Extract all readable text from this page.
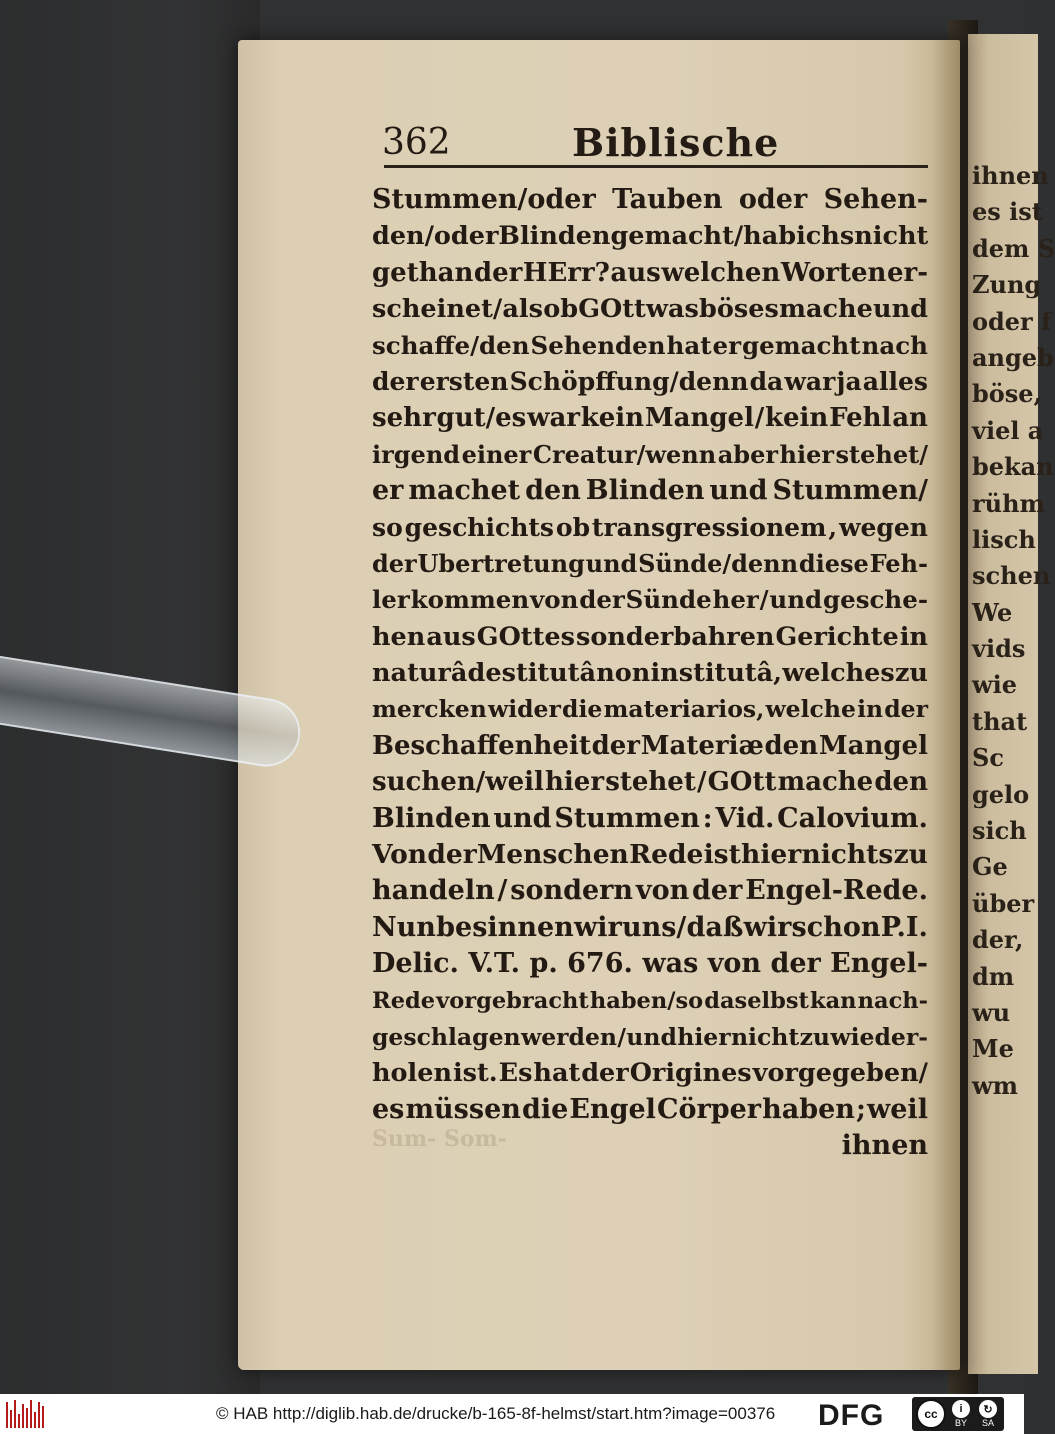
ihnen
es ist
dem S
Zung
oder f
angeb
böse,
viel a
bekan
rühm
lisch
schen
We
vids
wie
that
Sc
gelo
sich
Ge
über
der,
dm
wu
Me
wm
362	Biblische
Stummen/oder Tauben oder Sehen-
den/oder Blinden gemacht/hab ichs nicht
gethan der HErr? aus welchen Worten er-
scheinet/ als ob GOtt was böses mache und
schaffe/den Sehenden hat er gemacht nach
der ersten Schöpffung/denn da war ja alles
sehr gut/es war kein Mangel / kein Fehl an
irgend einer Creatur/wenn aber hier stehet/
er machet den Blinden und Stummen/
so geschichts ob transgressionem , wegen
der Ubertretung und Sünde/denn diese Feh-
ler kommen von der Sünde her / und gesche-
hen aus GOttes sonderbahren Gerichte in
naturâ destitutâ non institutâ, welches zu
mercken wider die materiarios, welche in der
Beschaffenheit der Materiæ den Mangel
suchen/weil hier stehet / GOtt mache den
Blinden und Stummen : Vid. Calovium.
Von der Menschen Rede ist hier nichts zu
handeln / sondern von der Engel-Rede.
Nun besinnen wir uns/ daß wir schon P.I.
Delic. V.T. p. 676. was von der Engel-
Rede vorgebracht haben/so daselbst kan nach-
geschlagen werden / und hier nicht zu wieder-
holen ist. Es hat der Origines vorgegeben/
es müssen die Engel Cörper haben ; weil
ihnen
Sum- Som-
© HAB http://diglib.hab.de/drucke/b-165-8f-helmst/start.htm?image=00376 DFG	cc	i
BY
↻
SA
